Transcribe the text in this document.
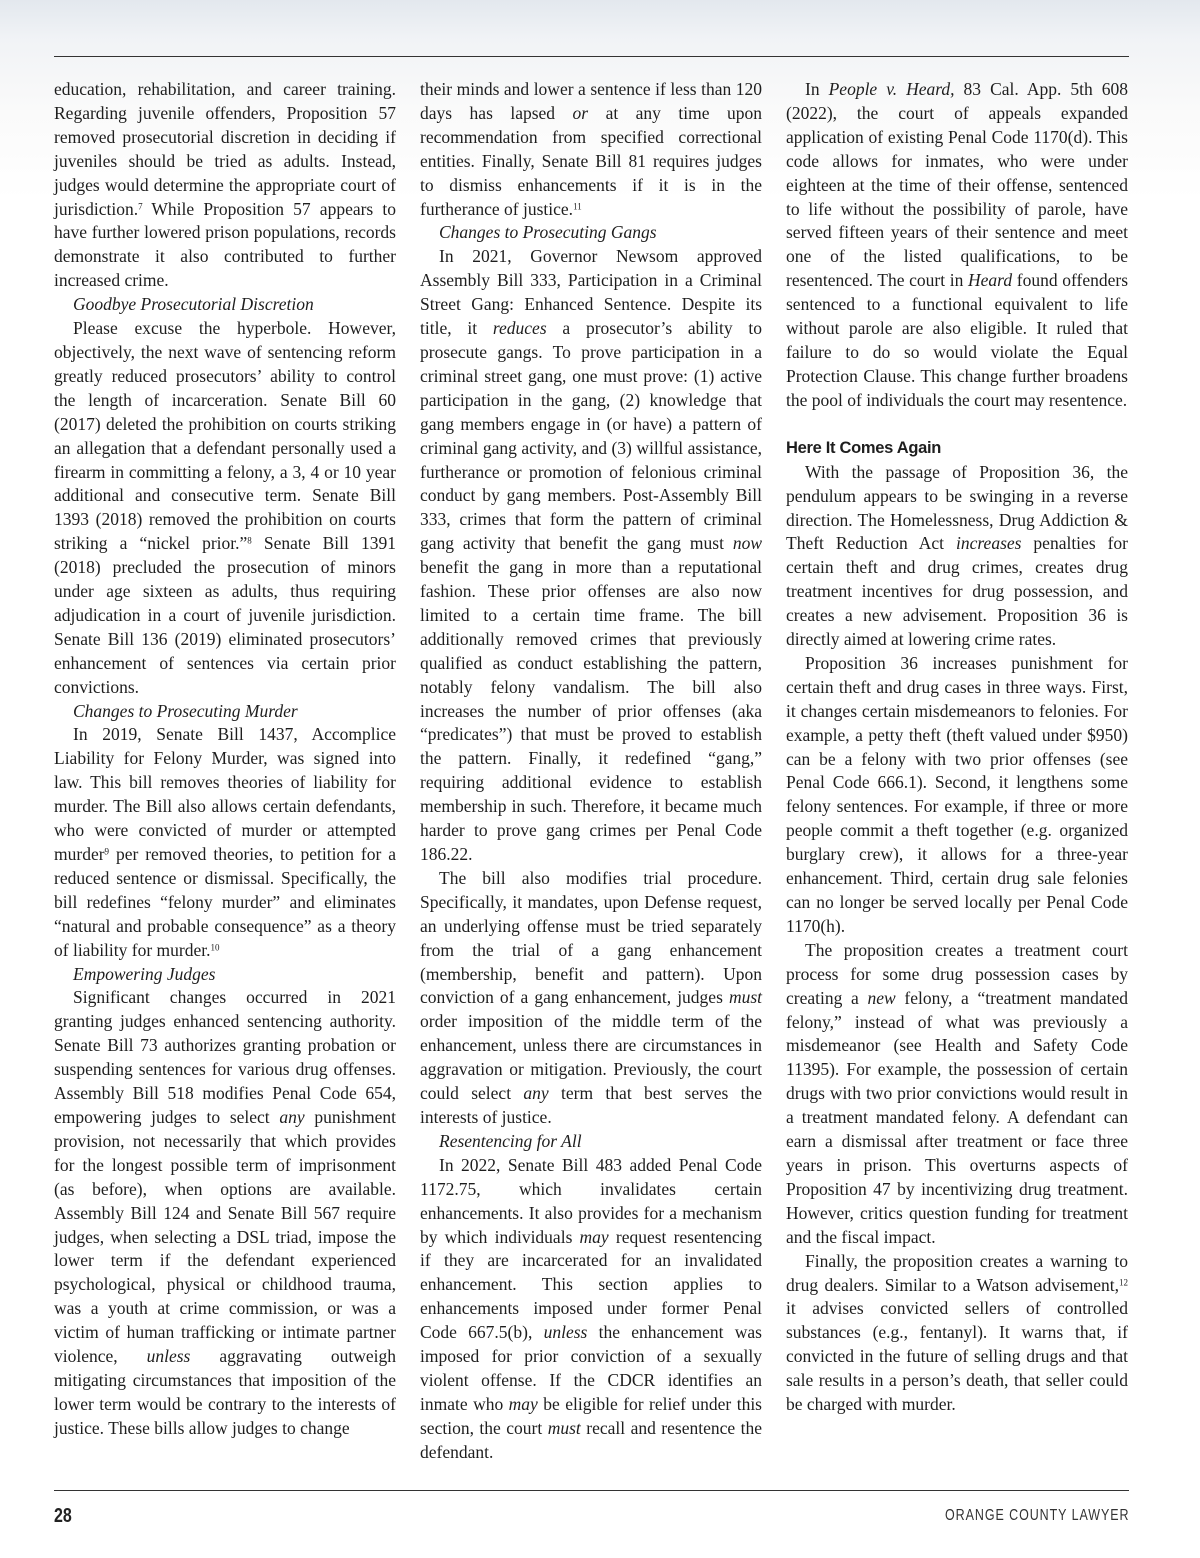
education, rehabilitation, and career training. Regarding juvenile offenders, Proposition 57 removed prosecutorial discretion in deciding if juveniles should be tried as adults. Instead, judges would determine the appropriate court of jurisdiction.$^7$ While Proposition 57 appears to have further lowered prison populations, records demonstrate it also contributed to further increased crime.

Goodbye Prosecutorial Discretion

Please excuse the hyperbole. However, objectively, the next wave of sentencing reform greatly reduced prosecutors’ ability to control the length of incarceration. Senate Bill 60 (2017) deleted the prohibition on courts striking an allegation that a defendant personally used a firearm in committing a felony, a 3, 4 or 10 year additional and consecutive term. Senate Bill 1393 (2018) removed the prohibition on courts striking a “nickel prior.”$^8$ Senate Bill 1391 (2018) precluded the prosecution of minors under age sixteen as adults, thus requiring adjudication in a court of juvenile jurisdiction. Senate Bill 136 (2019) eliminated prosecutors’ enhancement of sentences via certain prior convictions.

Changes to Prosecuting Murder

In 2019, Senate Bill 1437, Accomplice Liability for Felony Murder, was signed into law. This bill removes theories of liability for murder. The Bill also allows certain defendants, who were convicted of murder or attempted murder$^9$ per removed theories, to petition for a reduced sentence or dismissal. Specifically, the bill redefines “felony murder” and eliminates “natural and probable consequence” as a theory of liability for murder.$^{10}$

Empowering Judges

Significant changes occurred in 2021 granting judges enhanced sentencing authority. Senate Bill 73 authorizes granting probation or suspending sentences for various drug offenses. Assembly Bill 518 modifies Penal Code 654, empowering judges to select any punishment provision, not necessarily that which provides for the longest possible term of imprisonment (as before), when options are available. Assembly Bill 124 and Senate Bill 567 require judges, when selecting a DSL triad, impose the lower term if the defendant experienced psychological, physical or childhood trauma, was a youth at crime commission, or was a victim of human trafficking or intimate partner violence, unless aggravating outweigh mitigating circumstances that imposition of the lower term would be contrary to the interests of justice. These bills allow judges to change

their minds and lower a sentence if less than 120 days has lapsed or at any time upon recommendation from specified correctional entities. Finally, Senate Bill 81 requires judges to dismiss enhancements if it is in the furtherance of justice.$^{11}$

Changes to Prosecuting Gangs

In 2021, Governor Newsom approved Assembly Bill 333, Participation in a Criminal Street Gang: Enhanced Sentence. Despite its title, it reduces a prosecutor’s ability to prosecute gangs. To prove participation in a criminal street gang, one must prove: (1) active participation in the gang, (2) knowledge that gang members engage in (or have) a pattern of criminal gang activity, and (3) willful assistance, furtherance or promotion of felonious criminal conduct by gang members. Post-Assembly Bill 333, crimes that form the pattern of criminal gang activity that benefit the gang must now benefit the gang in more than a reputational fashion. These prior offenses are also now limited to a certain time frame. The bill additionally removed crimes that previously qualified as conduct establishing the pattern, notably felony vandalism. The bill also increases the number of prior offenses (aka “predicates”) that must be proved to establish the pattern. Finally, it redefined “gang,” requiring additional evidence to establish membership in such. Therefore, it became much harder to prove gang crimes per Penal Code 186.22.

The bill also modifies trial procedure. Specifically, it mandates, upon Defense request, an underlying offense must be tried separately from the trial of a gang enhancement (membership, benefit and pattern). Upon conviction of a gang enhancement, judges must order imposition of the middle term of the enhancement, unless there are circumstances in aggravation or mitigation. Previously, the court could select any term that best serves the interests of justice.

Resentencing for All

In 2022, Senate Bill 483 added Penal Code 1172.75, which invalidates certain enhancements. It also provides for a mechanism by which individuals may request resentencing if they are incarcerated for an invalidated enhancement. This section applies to enhancements imposed under former Penal Code 667.5(b), unless the enhancement was imposed for prior conviction of a sexually violent offense. If the CDCR identifies an inmate who may be eligible for relief under this section, the court must recall and resentence the defendant.

In People v. Heard, 83 Cal. App. 5th 608 (2022), the court of appeals expanded application of existing Penal Code 1170(d). This code allows for inmates, who were under eighteen at the time of their offense, sentenced to life without the possibility of parole, have served fifteen years of their sentence and meet one of the listed qualifications, to be resentenced. The court in Heard found offenders sentenced to a functional equivalent to life without parole are also eligible. It ruled that failure to do so would violate the Equal Protection Clause. This change further broadens the pool of individuals the court may resentence.

Here It Comes Again

With the passage of Proposition 36, the pendulum appears to be swinging in a reverse direction. The Homelessness, Drug Addiction & Theft Reduction Act increases penalties for certain theft and drug crimes, creates drug treatment incentives for drug possession, and creates a new advisement. Proposition 36 is directly aimed at lowering crime rates.

Proposition 36 increases punishment for certain theft and drug cases in three ways. First, it changes certain misdemeanors to felonies. For example, a petty theft (theft valued under $950) can be a felony with two prior offenses (see Penal Code 666.1). Second, it lengthens some felony sentences. For example, if three or more people commit a theft together (e.g. organized burglary crew), it allows for a three-year enhancement. Third, certain drug sale felonies can no longer be served locally per Penal Code 1170(h).

The proposition creates a treatment court process for some drug possession cases by creating a new felony, a “treatment mandated felony,” instead of what was previously a misdemeanor (see Health and Safety Code 11395). For example, the possession of certain drugs with two prior convictions would result in a treatment mandated felony. A defendant can earn a dismissal after treatment or face three years in prison. This overturns aspects of Proposition 47 by incentivizing drug treatment. However, critics question funding for treatment and the fiscal impact.

Finally, the proposition creates a warning to drug dealers. Similar to a Watson advisement,$^{12}$ it advises convicted sellers of controlled substances (e.g., fentanyl). It warns that, if convicted in the future of selling drugs and that sale results in a person’s death, that seller could be charged with murder.

28	ORANGE COUNTY LAWYER
